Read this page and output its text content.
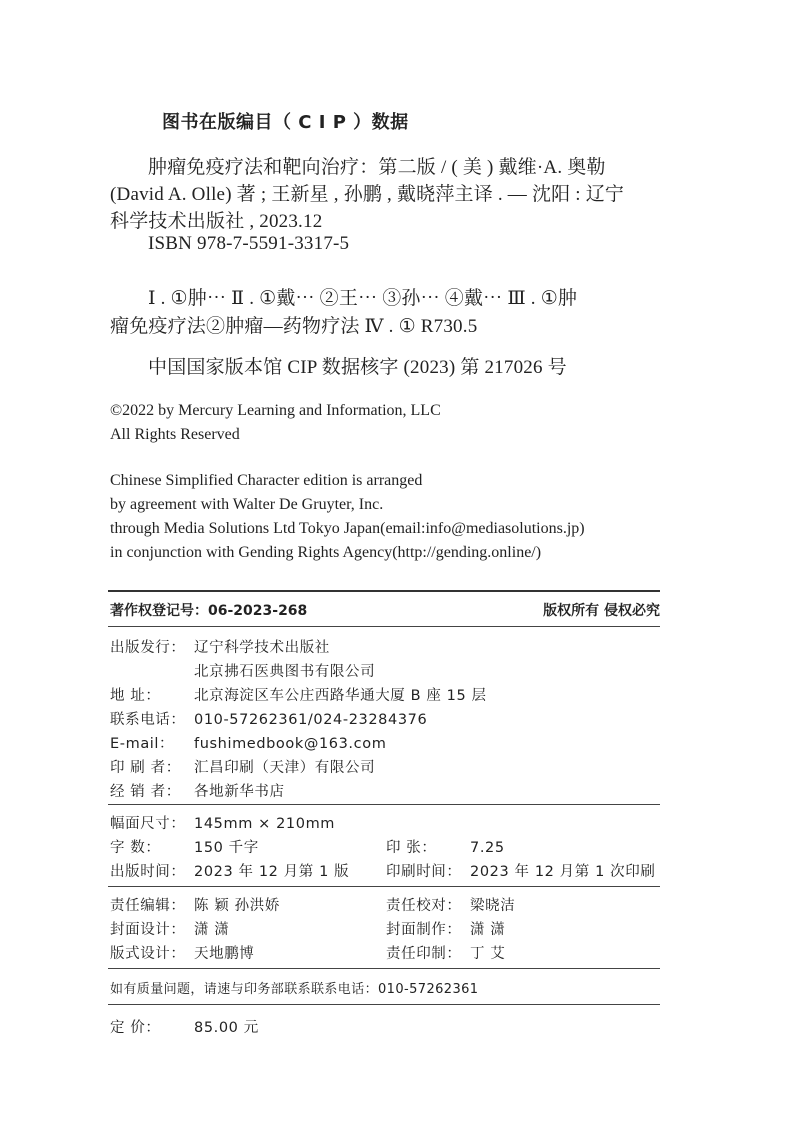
图书在版编目（ C I P ）数据
肿瘤免疫疗法和靶向治疗：第二版 / ( 美 ) 戴维·A. 奥勒
(David A. Olle) 著 ; 王新星 , 孙鹏 , 戴晓萍主译 . — 沈阳 : 辽宁
科学技术出版社 , 2023.12
ISBN 978-7-5591-3317-5
Ⅰ . ①肿⋯ Ⅱ . ①戴⋯ ②王⋯ ③孙⋯ ④戴⋯ Ⅲ . ①肿
瘤免疫疗法②肿瘤—药物疗法 Ⅳ . ① R730.5
中国国家版本馆 CIP 数据核字 (2023) 第 217026 号
©2022 by Mercury Learning and Information, LLC
All Rights Reserved
Chinese Simplified Character edition is arranged
by agreement with Walter De Gruyter, Inc.
through Media Solutions Ltd Tokyo Japan(email:info@mediasolutions.jp)
in conjunction with Gending Rights Agency(http://gending.online/)
著作权登记号：06-2023-268	版权所有 侵权必究
出版发行： 辽宁科学技术出版社
北京拂石医典图书有限公司
地 址： 北京海淀区车公庄西路华通大厦 B 座 15 层
联系电话： 010-57262361/024-23284376
E-mail： fushimedbook@163.com
印 刷 者： 汇昌印刷（天津）有限公司
经 销 者： 各地新华书店
幅面尺寸： 145mm × 210mm
字 数： 150 千字	印 张： 7.25
出版时间： 2023 年 12 月第 1 版	印刷时间： 2023 年 12 月第 1 次印刷
责任编辑： 陈 颖 孙洪娇	责任校对： 梁晓洁
封面设计： 潇 潇	封面制作： 潇 潇
版式设计： 天地鹏博	责任印制： 丁 艾
如有质量问题，请速与印务部联系联系电话：010-57262361
定 价： 85.00 元
